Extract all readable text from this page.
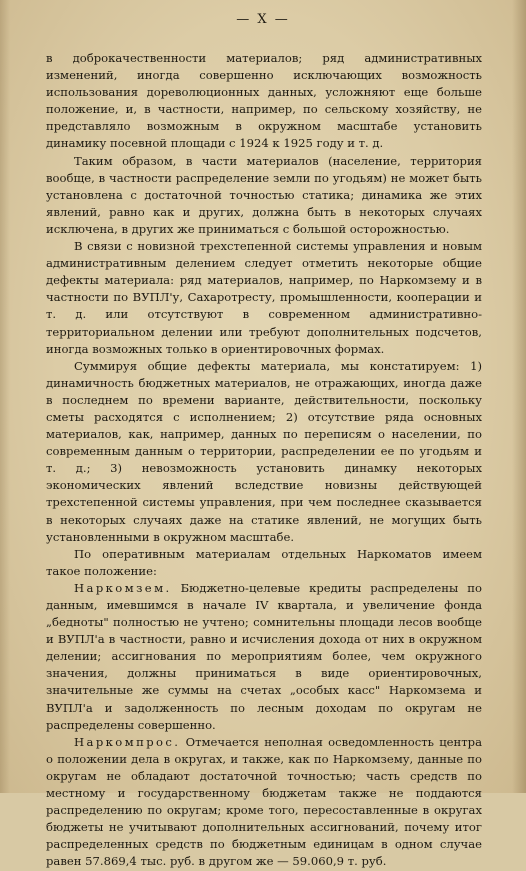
— X —

в доброкачественности материалов; ряд административных изменений, иногда совершенно исключающих возможность использования дореволюционных данных, усложняют еще больше положение, и, в частности, например, по сельскому хозяйству, не представляло возможным в окружном масштабе установить динамику посевной площади с 1924 к 1925 году и т. д.

Таким образом, в части материалов (население, территория вообще, в частности распределение земли по угодьям) не может быть установлена с достаточной точностью статика; динамика же этих явлений, равно как и других, должна быть в некоторых случаях исключена, в других же приниматься с большой осторожностью.

В связи с новизной трехстепенной системы управления и новым административным делением следует отметить некоторые общие дефекты материала: ряд материалов, например, по Наркомзему и в частности по ВУПЛ'у, Сахаротресту, промышленности, кооперации и т. д. или отсутствуют в современном административно-территориальном делении или требуют дополнительных подсчетов, иногда возможных только в ориентировочных формах.

Суммируя общие дефекты материала, мы констатируем: 1) динамичность бюджетных материалов, не отражающих, иногда даже в последнем по времени варианте, действительности, поскольку сметы расходятся с исполнением; 2) отсутствие ряда основных материалов, как, например, данных по переписям о населении, по современным данным о территории, распределении ее по угодьям и т. д.; 3) невозможность установить динамку некоторых экономических явлений вследствие новизны действующей трехстепенной системы управления, при чем последнее сказывается в некоторых случаях даже на статике явлений, не могущих быть установленными в окружном масштабе.

По оперативным материалам отдельных Наркоматов имеем такое положение:

Наркомзем. Бюджетно-целевые кредиты распределены по данным, имевшимся в начале IV квартала, и увеличение фонда „бедноты" полностью не учтено; сомнительны площади лесов вообще и ВУПЛ'а в частности, равно и исчисления дохода от них в окружном делении; ассигнования по мероприятиям более, чем окружного значения, должны приниматься в виде ориентировочных, значительные же суммы на счетах „особых касс" Наркомзема и ВУПЛ'а и задолженность по лесным доходам по округам не распределены совершенно.

Наркомпрос. Отмечается неполная осведомленность центра о положении дела в округах, и также, как по Наркомзему, данные по округам не обладают достаточной точностью; часть средств по местному и государственному бюджетам также не поддаются распределению по округам; кроме того, пересоставленные в округах бюджеты не учитывают дополнительных ассигнований, почему итог распределенных средств по бюджетным единицам в одном случае равен 57.869,4 тыс. руб. в другом же — 59.060,9 т. руб.
